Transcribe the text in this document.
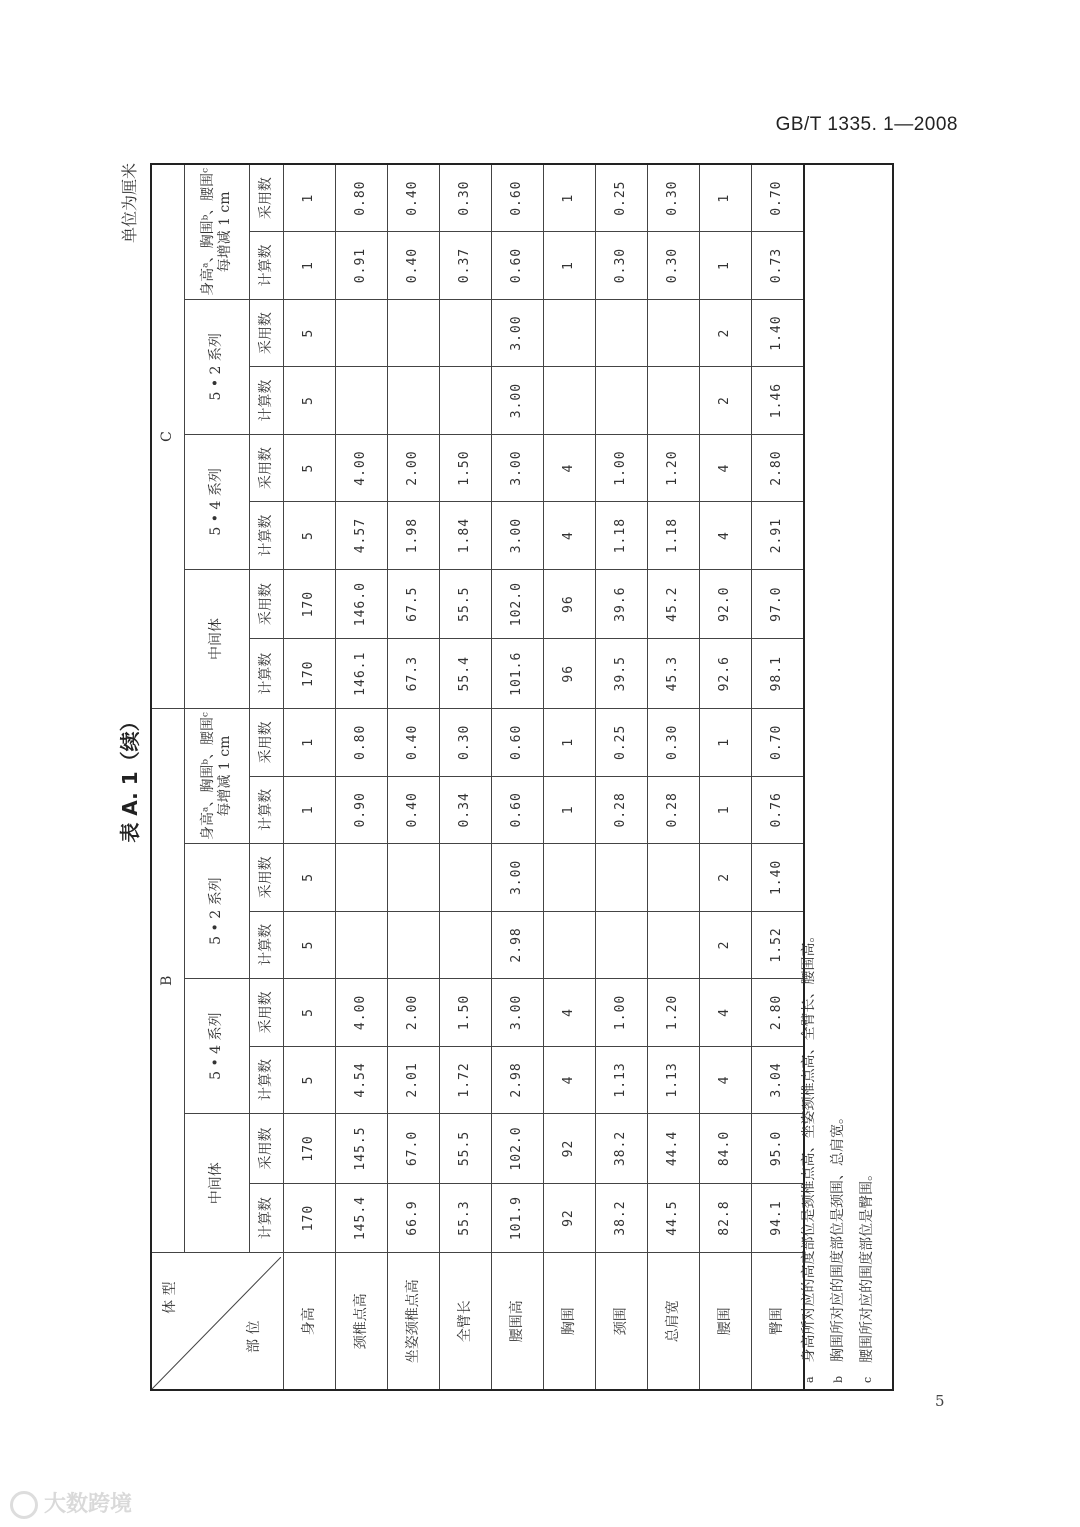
GB/T 1335. 1—2008
表 A. 1（续）
单位为厘米
体 型
部 位	B								C							
	中间体		5 • 4 系列		5 • 2 系列		身高ᵃ、胸围ᵇ、腰围ᶜ每增减 1 cm		中间体		5 • 4 系列		5 • 2 系列		身高ᵃ、胸围ᵇ、腰围ᶜ每增减 1 cm	
	计算数	采用数	计算数	采用数	计算数	采用数	计算数	采用数	计算数	采用数	计算数	采用数	计算数	采用数	计算数	采用数
身高	170	170	5	5	5	5	1	1	170	170	5	5	5	5	1	1
颈椎点高	145.4	145.5	4.54	4.00			0.90	0.80	146.1	146.0	4.57	4.00			0.91	0.80
坐姿颈椎点高	66.9	67.0	2.01	2.00			0.40	0.40	67.3	67.5	1.98	2.00			0.40	0.40
全臂长	55.3	55.5	1.72	1.50			0.34	0.30	55.4	55.5	1.84	1.50			0.37	0.30
腰围高	101.9	102.0	2.98	3.00	2.98	3.00	0.60	0.60	101.6	102.0	3.00	3.00	3.00	3.00	0.60	0.60
胸围	92	92	4	4			1	1	96	96	4	4			1	1
颈围	38.2	38.2	1.13	1.00			0.28	0.25	39.5	39.6	1.18	1.00			0.30	0.25
总肩宽	44.5	44.4	1.13	1.20			0.28	0.30	45.3	45.2	1.18	1.20			0.30	0.30
腰围	82.8	84.0	4	4	2	2	1	1	92.6	92.0	4	4	2	2	1	1
臀围	94.1	95.0	3.04	2.80	1.52	1.40	0.76	0.70	98.1	97.0	2.91	2.80	1.46	1.40	0.73	0.70
a身高所对应的高度部位是颈椎点高、坐姿颈椎点高、全臂长、腰围高。
b胸围所对应的围度部位是颈围、总肩宽。
c腰围所对应的围度部位是臀围。
5
大数跨境
